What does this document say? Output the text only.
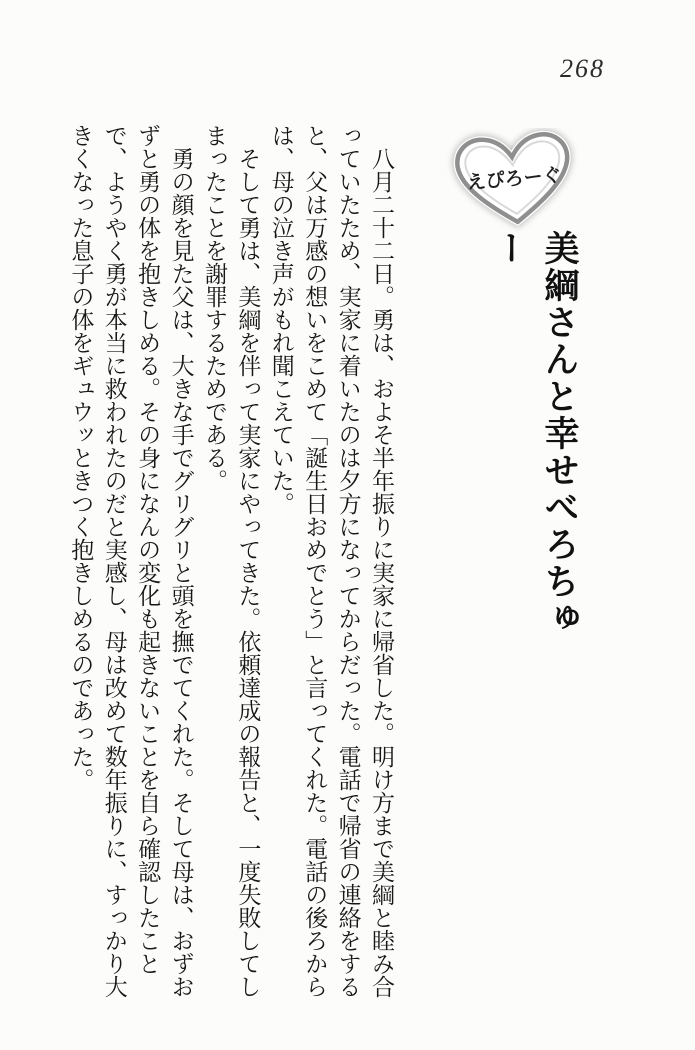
268
えぴろーぐ
美綱さんと幸せべろちゅー

八月二十二日。勇は、およそ半年振りに実家に帰省した。明け方まで美綱と睦み合っていたため、実家に着いたのは夕方になってからだった。電話で帰省の連絡をすると、父は万感の想いをこめて「誕生日おめでとう」と言ってくれた。電話の後ろからは、母の泣き声がもれ聞こえていた。

そして勇は、美綱を伴って実家にやってきた。依頼達成の報告と、一度失敗してしまったことを謝罪するためである。

勇の顔を見た父は、大きな手でグリグリと頭を撫でてくれた。そして母は、おずおずと勇の体を抱きしめる。その身になんの変化も起きないことを自ら確認したことで、ようやく勇が本当に救われたのだと実感し、母は改めて数年振りに、すっかり大きくなった息子の体をギュウッときつく抱きしめるのであった。
